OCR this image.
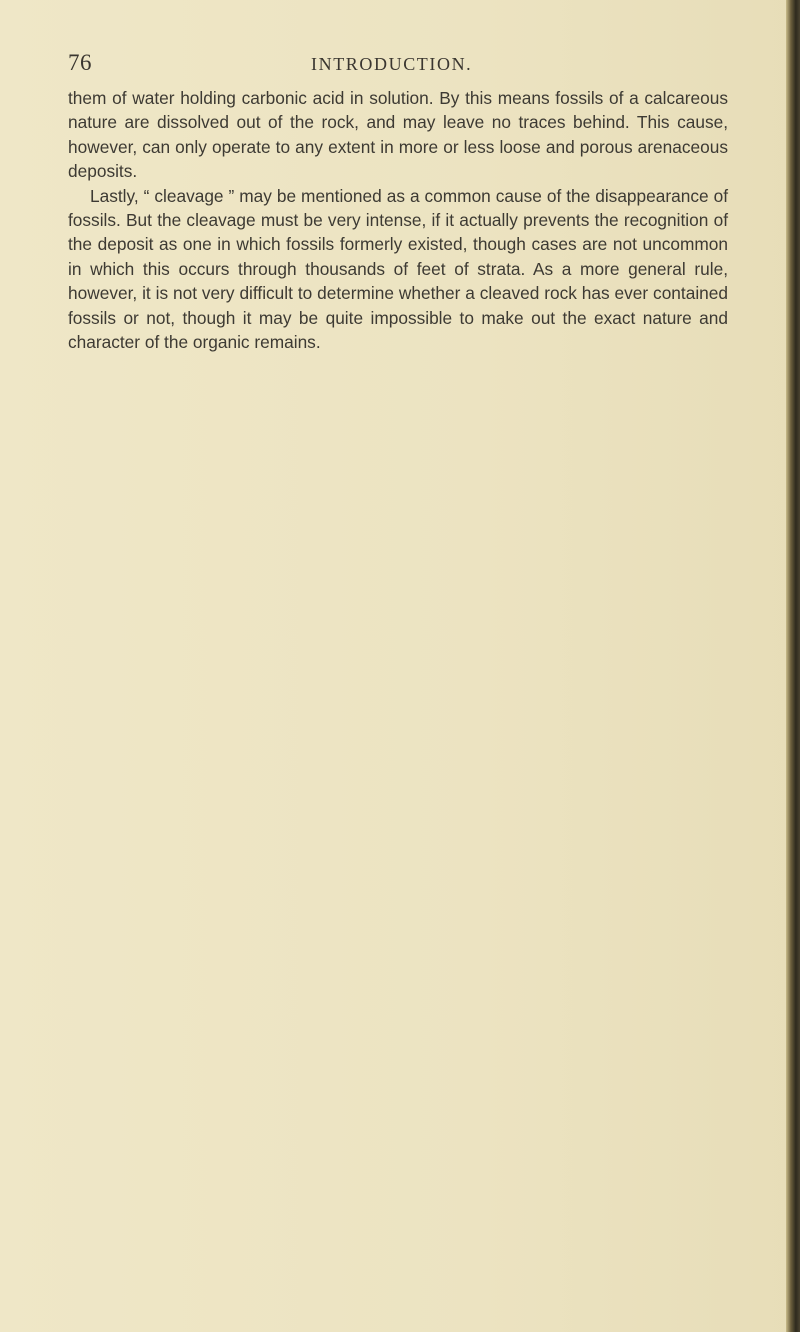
76	INTRODUCTION.

them of water holding carbonic acid in solution. By this means fossils of a calcareous nature are dissolved out of the rock, and may leave no traces behind. This cause, however, can only operate to any extent in more or less loose and porous arenaceous deposits.

Lastly, “ cleavage ” may be mentioned as a common cause of the disappearance of fossils. But the cleavage must be very intense, if it actually prevents the recognition of the deposit as one in which fossils formerly existed, though cases are not uncommon in which this occurs through thousands of feet of strata. As a more general rule, however, it is not very difficult to determine whether a cleaved rock has ever contained fossils or not, though it may be quite impossible to make out the exact nature and character of the organic remains.
